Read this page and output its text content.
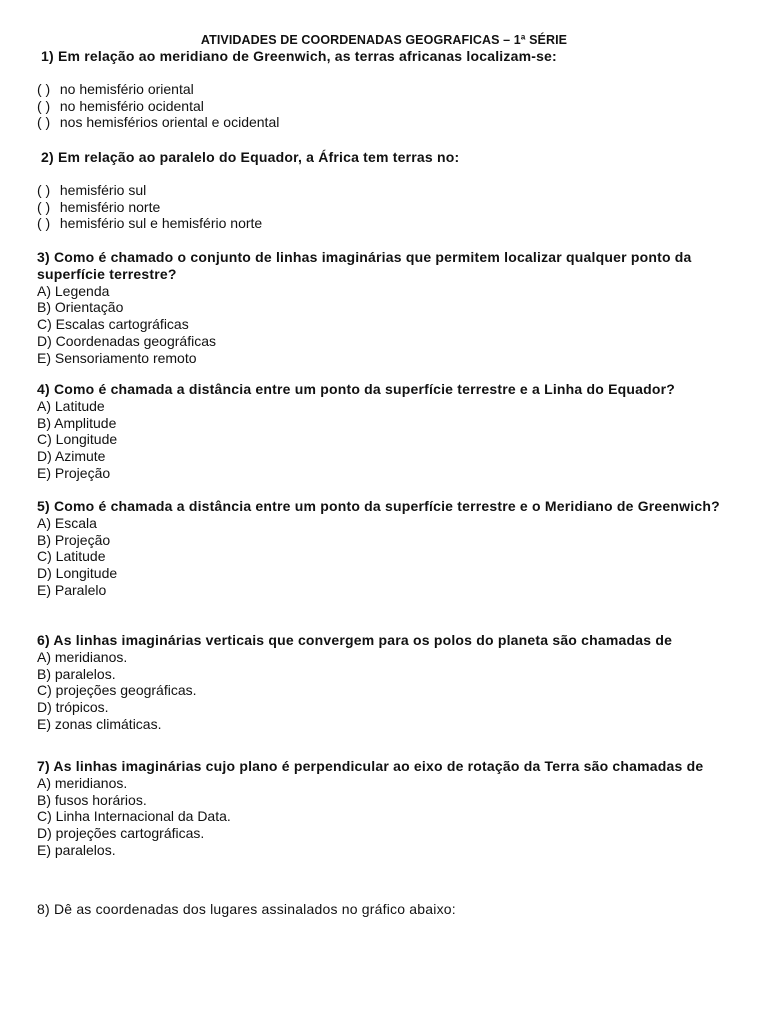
ATIVIDADES DE COORDENADAS GEOGRAFICAS – 1ª SÉRIE
1) Em relação ao meridiano de Greenwich, as terras africanas localizam-se:
( ) no hemisfério oriental
( ) no hemisfério ocidental
( ) nos hemisférios oriental e ocidental
2) Em relação ao paralelo do Equador, a África tem terras no:
( ) hemisfério sul
( ) hemisfério norte
( ) hemisfério sul e hemisfério norte
3) Como é chamado o conjunto de linhas imaginárias que permitem localizar qualquer ponto da superfície terrestre?
A) Legenda
B) Orientação
C) Escalas cartográficas
D) Coordenadas geográficas
E) Sensoriamento remoto
4) Como é chamada a distância entre um ponto da superfície terrestre e a Linha do Equador?
A) Latitude
B) Amplitude
C) Longitude
D) Azimute
E) Projeção
5) Como é chamada a distância entre um ponto da superfície terrestre e o Meridiano de Greenwich?
A) Escala
B) Projeção
C) Latitude
D) Longitude
E) Paralelo
6) As linhas imaginárias verticais que convergem para os polos do planeta são chamadas de
A) meridianos.
B) paralelos.
C) projeções geográficas.
D) trópicos.
E) zonas climáticas.
7) As linhas imaginárias cujo plano é perpendicular ao eixo de rotação da Terra são chamadas de
A) meridianos.
B) fusos horários.
C) Linha Internacional da Data.
D) projeções cartográficas.
E) paralelos.
8) Dê as coordenadas dos lugares assinalados no gráfico abaixo:
